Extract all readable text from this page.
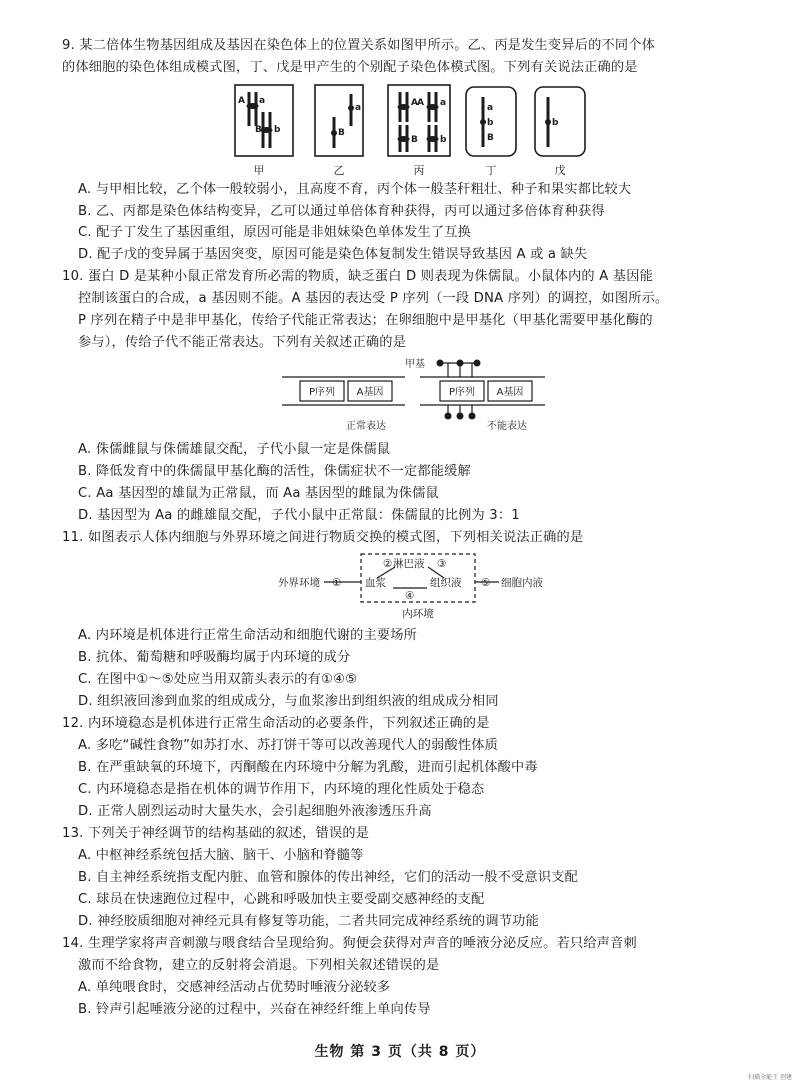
9. 某二倍体生物基因组成及基因在染色体上的位置关系如图甲所示。乙、丙是发生变异后的不同个体
的体细胞的染色体组成模式图，丁、戊是甲产生的个别配子染色体模式图。下列有关说法正确的是
A a
B b
a
B
A A a
B b
a
b
B
b
甲	乙	丙	丁	戊
A. 与甲相比较，乙个体一般较弱小，且高度不育，丙个体一般茎秆粗壮、种子和果实都比较大
B. 乙、丙都是染色体结构变异，乙可以通过单倍体育种获得，丙可以通过多倍体育种获得
C. 配子丁发生了基因重组，原因可能是非姐妹染色单体发生了互换
D. 配子戊的变异属于基因突变，原因可能是染色体复制发生错误导致基因 A 或 a 缺失
10. 蛋白 D 是某种小鼠正常发育所必需的物质，缺乏蛋白 D 则表现为侏儒鼠。小鼠体内的 A 基因能
控制该蛋白的合成，a 基因则不能。A 基因的表达受 P 序列（一段 DNA 序列）的调控，如图所示。
P 序列在精子中是非甲基化，传给子代能正常表达；在卵细胞中是甲基化（甲基化需要甲基化酶的
参与），传给子代不能正常表达。下列有关叙述正确的是
甲基
P序列 A基因	P序列 A基因
正常表达	不能表达
A. 侏儒雌鼠与侏儒雄鼠交配，子代小鼠一定是侏儒鼠
B. 降低发育中的侏儒鼠甲基化酶的活性，侏儒症状不一定都能缓解
C. Aa 基因型的雄鼠为正常鼠，而 Aa 基因型的雌鼠为侏儒鼠
D. 基因型为 Aa 的雌雄鼠交配，子代小鼠中正常鼠：侏儒鼠的比例为 3：1
11. 如图表示人体内细胞与外界环境之间进行物质交换的模式图，下列相关说法正确的是
外界环境 ①
② 淋巴液 ③
血浆	组织液
④
⑤ 细胞内液
内环境
A. 内环境是机体进行正常生命活动和细胞代谢的主要场所
B. 抗体、葡萄糖和呼吸酶均属于内环境的成分
C. 在图中①～⑤处应当用双箭头表示的有①④⑤
D. 组织液回渗到血浆的组成成分，与血浆渗出到组织液的组成成分相同
12. 内环境稳态是机体进行正常生命活动的必要条件，下列叙述正确的是
A. 多吃“碱性食物”如苏打水、苏打饼干等可以改善现代人的弱酸性体质
B. 在严重缺氧的环境下，丙酮酸在内环境中分解为乳酸，进而引起机体酸中毒
C. 内环境稳态是指在机体的调节作用下，内环境的理化性质处于稳态
D. 正常人剧烈运动时大量失水，会引起细胞外液渗透压升高
13. 下列关于神经调节的结构基础的叙述，错误的是
A. 中枢神经系统包括大脑、脑干、小脑和脊髓等
B. 自主神经系统指支配内脏、血管和腺体的传出神经，它们的活动一般不受意识支配
C. 球员在快速跑位过程中，心跳和呼吸加快主要受副交感神经的支配
D. 神经胶质细胞对神经元具有修复等功能，二者共同完成神经系统的调节功能
14. 生理学家将声音刺激与喂食结合呈现给狗。狗便会获得对声音的唾液分泌反应。若只给声音刺
激而不给食物，建立的反射将会消退。下列相关叙述错误的是
A. 单纯喂食时，交感神经活动占优势时唾液分泌较多
B. 铃声引起唾液分泌的过程中，兴奋在神经纤维上单向传导
生物 第 3 页（共 8 页）
扫描全能王 创建
